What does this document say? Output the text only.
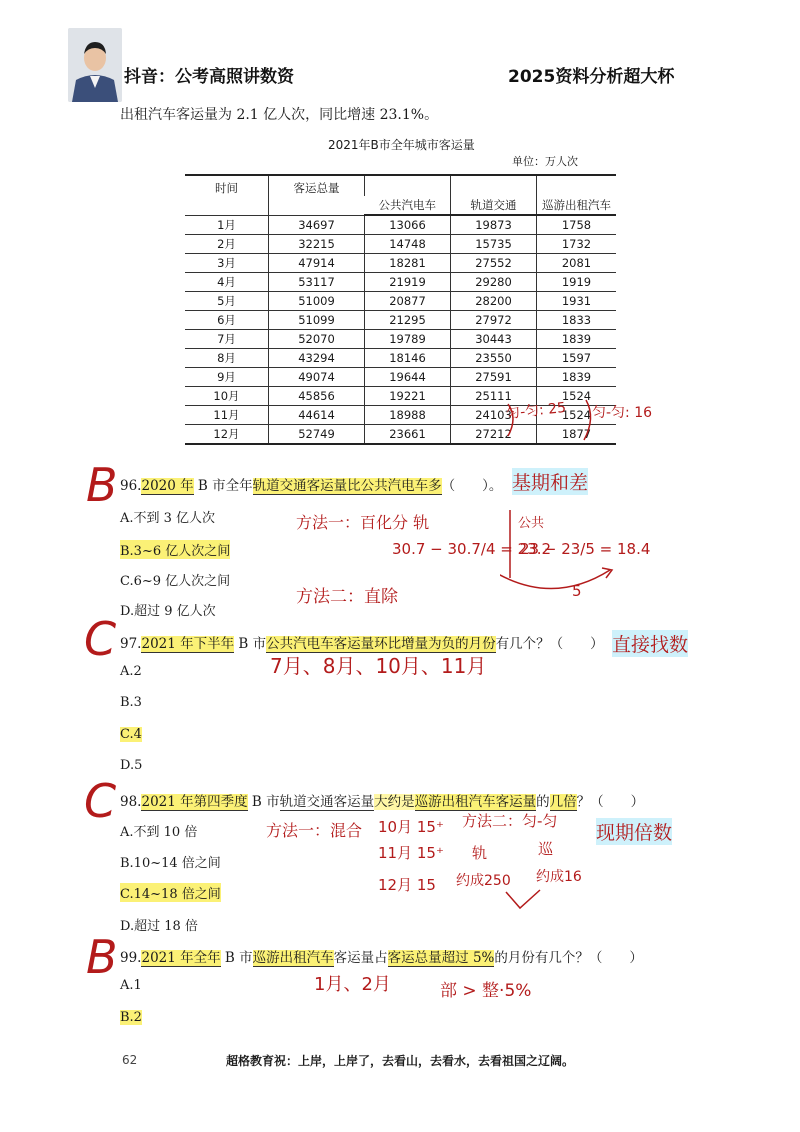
抖音：公考高照讲数资	2025资料分析超大杯
出租汽车客运量为 2.1 亿人次，同比增速 23.1%。
2021年B市全年城市客运量
单位：万人次
时间	客运总量			
		公共汽电车	轨道交通	巡游出租汽车
1月	34697	13066	19873	1758
2月	32215	14748	15735	1732
3月	47914	18281	27552	2081
4月	53117	21919	29280	1919
5月	51009	20877	28200	1931
6月	51099	21295	27972	1833
7月	52070	19789	30443	1839
8月	43294	18146	23550	1597
9月	49074	19644	27591	1839
10月	45856	19221	25111	1524
11月	44614	18988	24103	1524
12月	52749	23661	27212	1877
匀-匀: 25 匀-匀: 16
B 96.2020 年 B 市全年轨道交通客运量比公共汽电车多（　　）。 基期和差
A.不到 3 亿人次
B.3~6 亿人次之间
C.6~9 亿人次之间
D.超过 9 亿人次
方法一：百化分 轨
30.7 − 30.7/4 = 23.2
公共
23 − 23/5 = 18.4
5
方法二：直除
C 97.2021 年下半年 B 市公共汽电车客运量环比增量为负的月份有几个？（　　） 直接找数
7月、8月、10月、11月
A.2
B.3
C.4
D.5
C 98.2021 年第四季度 B 市轨道交通客运量大约是巡游出租汽车客运量的几倍？（　　）
现期倍数
A.不到 10 倍
B.10~14 倍之间
C.14~18 倍之间
D.超过 18 倍
方法一：混合 10月 15⁺
11月 15⁺
12月 15
方法二：匀-匀
轨	巡
约成250 约成16
B 99.2021 年全年 B 市巡游出租汽车客运量占客运总量超过 5%的月份有几个？（　　）
A.1
B.2
1月、2月	部 > 整·5%
62	超格教育祝：上岸，上岸了，去看山，去看水，去看祖国之辽阔。
